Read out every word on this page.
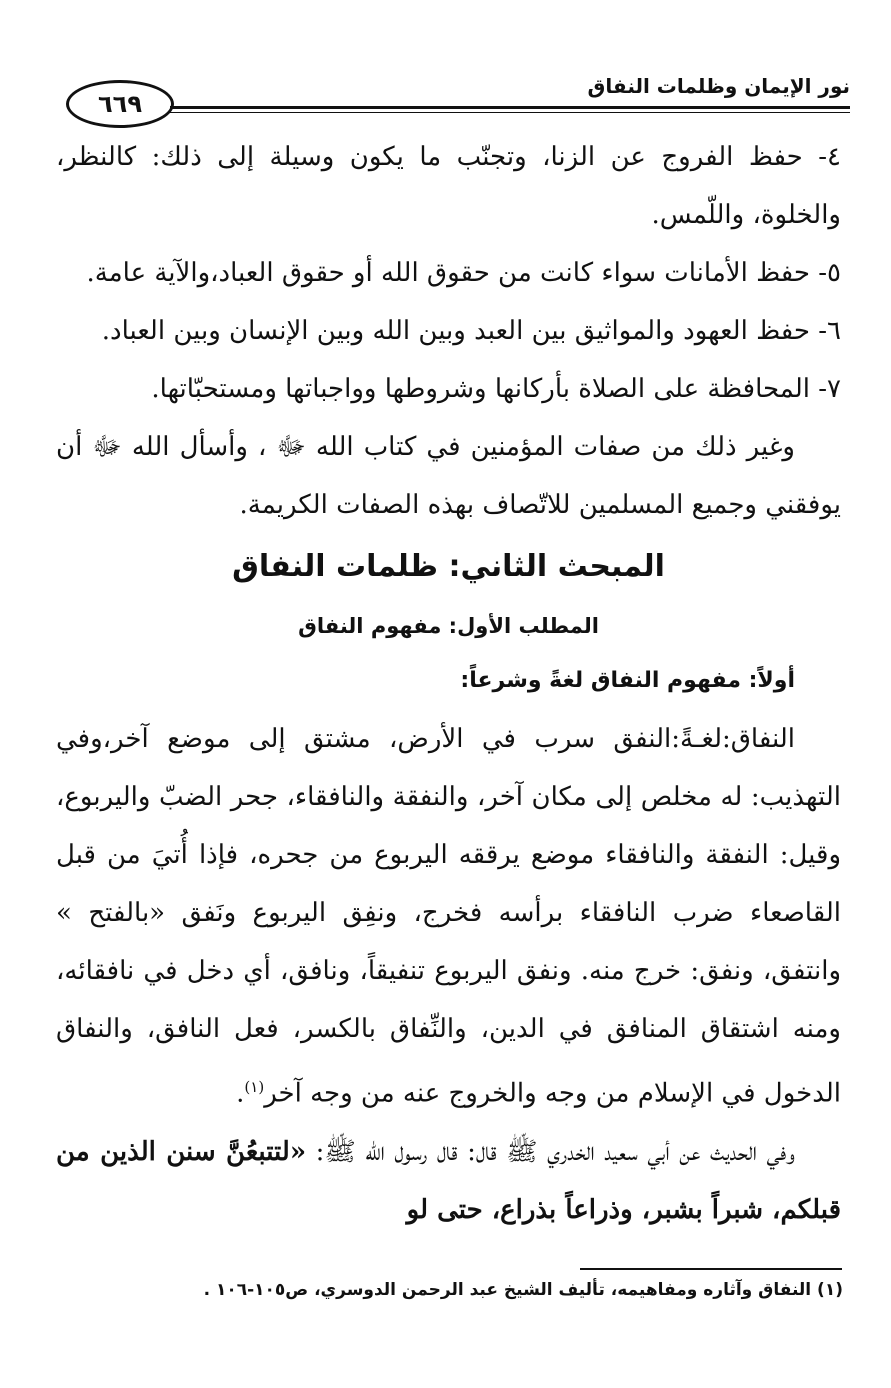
نور الإيمان وظلمات النفاق
٦٦٩

٤- حفظ الفروج عن الزنا، وتجنّب ما يكون وسيلة إلى ذلك: كالنظر، والخلوة، واللّمس.

٥- حفظ الأمانات سواء كانت من حقوق الله أو حقوق العباد،والآية عامة.

٦- حفظ العهود والمواثيق بين العبد وبين الله وبين الإنسان وبين العباد.

٧- المحافظة على الصلاة بأركانها وشروطها وواجباتها ومستحبّاتها.

وغير ذلك من صفات المؤمنين في كتاب الله ﷻ ، وأسأل الله ﷻ أن يوفقني وجميع المسلمين للاتّصاف بهذه الصفات الكريمة.

المبحث الثاني: ظلمات النفاق
المطلب الأول: مفهوم النفاق
أولاً: مفهوم النفاق لغةً وشرعاً:

النفاق:لغـةً:النفق سرب في الأرض، مشتق إلى موضع آخر،وفي التهذيب: له مخلص إلى مكان آخر، والنفقة والنافقاء، جحر الضبّ واليربوع، وقيل: النفقة والنافقاء موضع يرققه اليربوع من جحره، فإذا أُتيَ من قبل القاصعاء ضرب النافقاء برأسه فخرج، ونفِق اليربوع ونَفق «بالفتح » وانتفق، ونفق: خرج منه. ونفق اليربوع تنفيقاً، ونافق، أي دخل في نافقائه، ومنه اشتقاق المنافق في الدين، والنِّفاق بالكسر، فعل النافق، والنفاق الدخول في الإسلام من وجه والخروج عنه من وجه آخر$^{(١)}$.

وفي الحديث عن أبي سعيد الخدري ﷺ قال: قال رسول الله ﷺ: «لتتبعُنَّ سنن الذين من قبلكم، شبراً بشبر، وذراعاً بذراع، حتى لو

(١) النفاق وآثاره ومفاهيمه، تأليف الشيخ عبد الرحمن الدوسري، ص١٠٥-١٠٦ .
